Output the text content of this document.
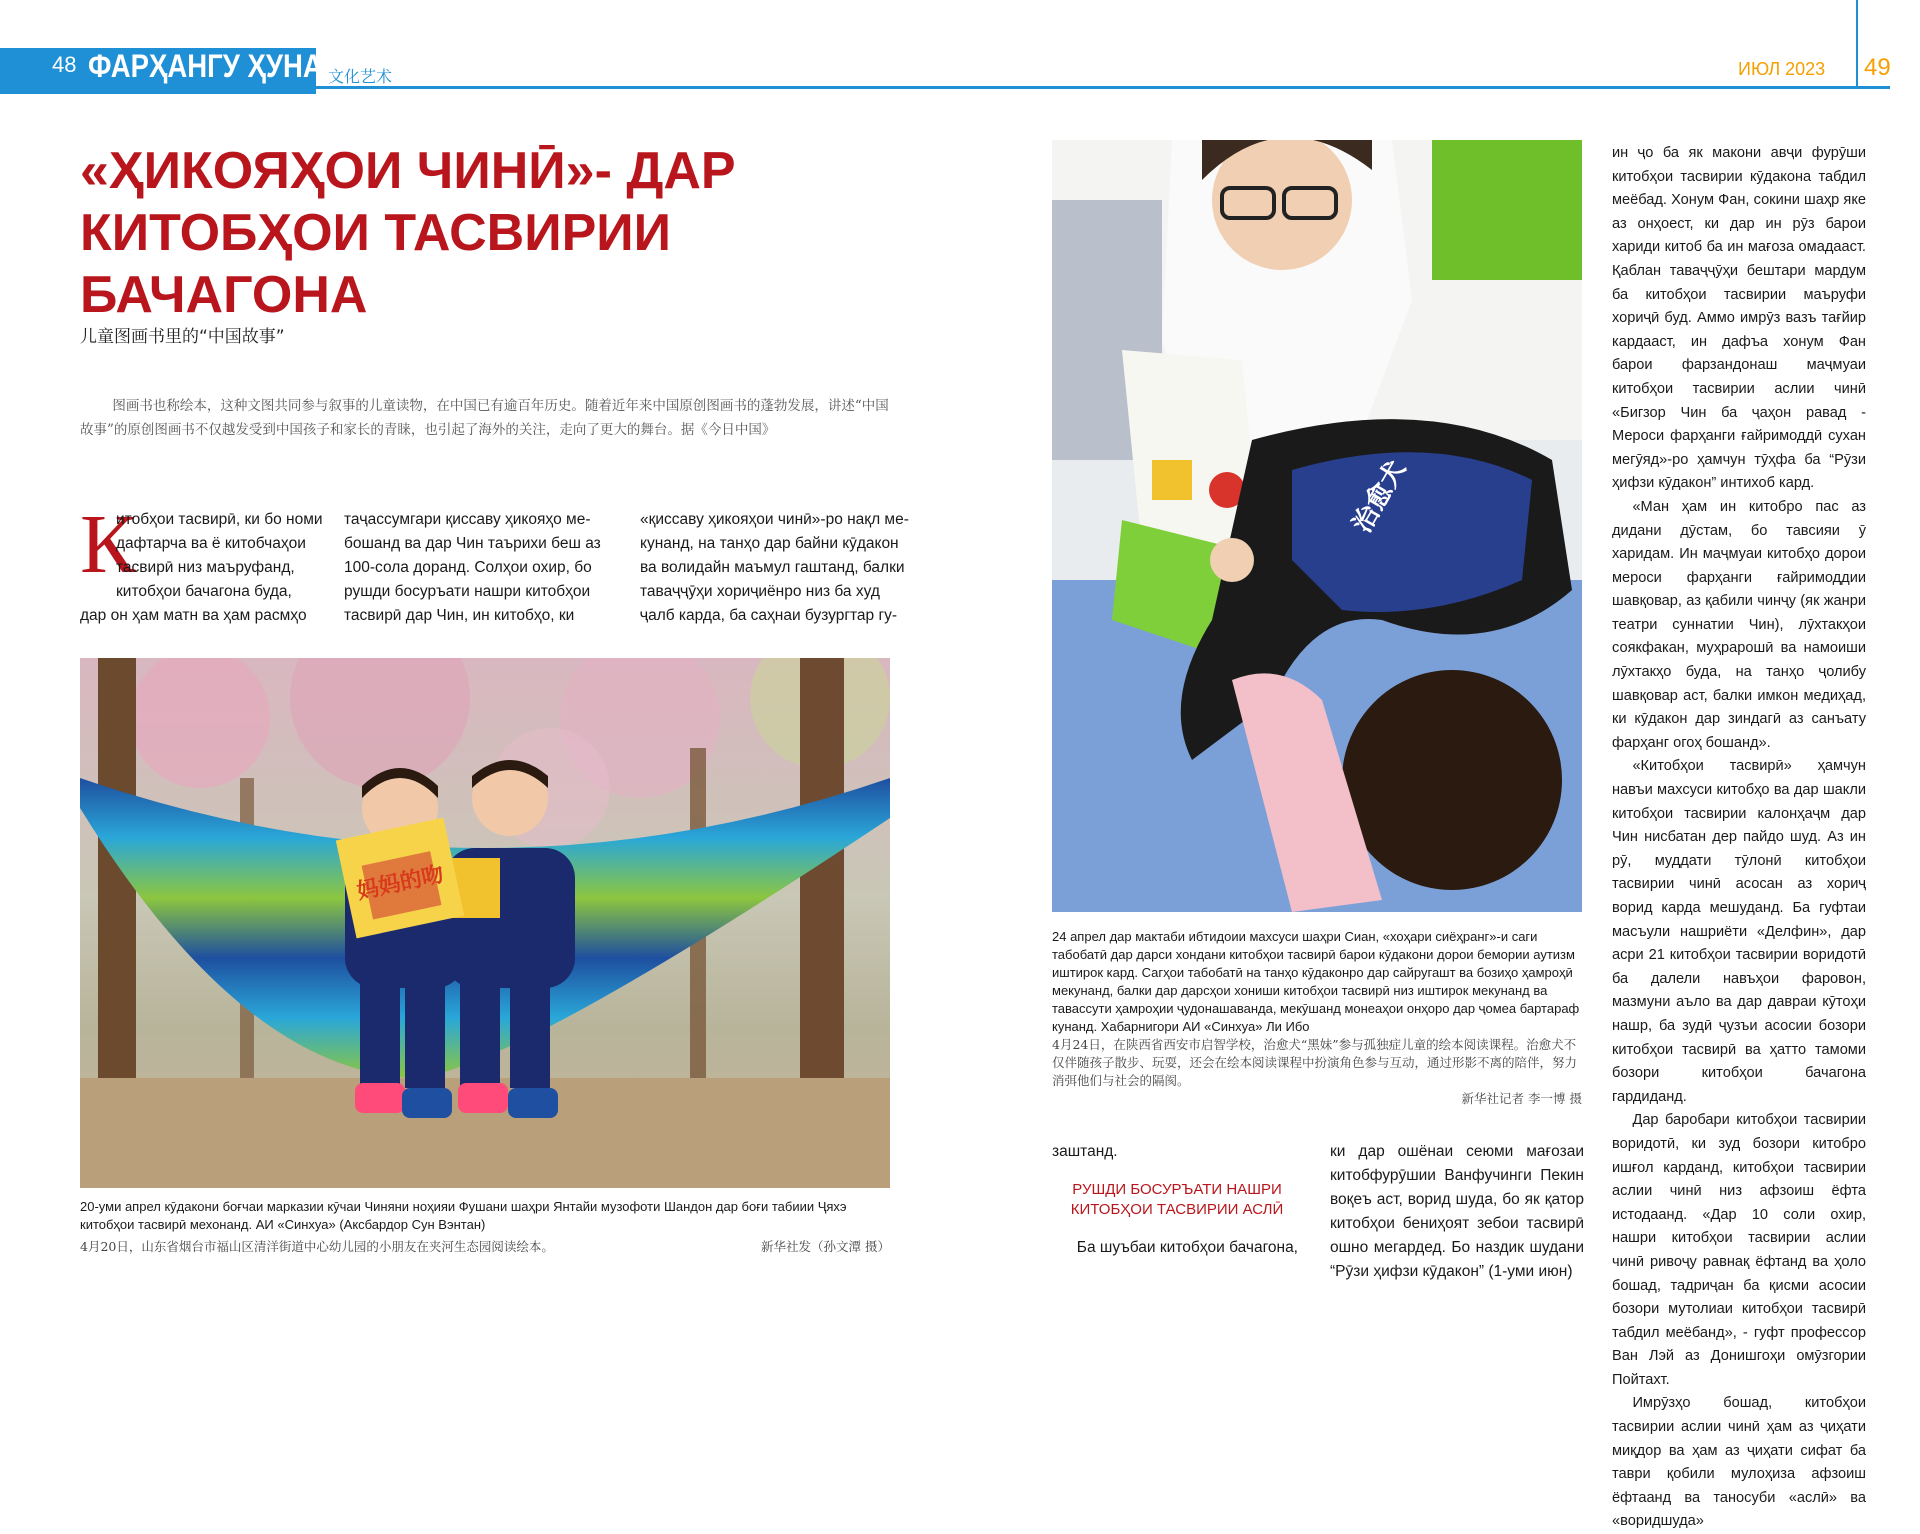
48 ФАРҲАНГУ ҲУНАР
文化艺术	ИЮЛ 2023 49
«ҲИКОЯҲОИ ЧИНӢ»- ДАР
КИТОБҲОИ ТАСВИРИИ
БАЧАГОНА
儿童图画书里的“中国故事”
图画书也称绘本，这种文图共同参与叙事的儿童读物，在中国已有逾百年历史。随着近年来中国原创图画书的蓬勃发展，讲述“中国故事”的原创图画书不仅越发受到中国孩子和家长的青睐，也引起了海外的关注，走向了更大的舞台。据《今日中国》
К
итобҳои тасвирӣ, ки бо номи
дафтарча ва ё китобчаҳои
тасвирӣ низ маъруфанд,
китобҳои бачагона буда,
дар он ҳам матн ва ҳам расмҳо
таҷассумгари қиссаву ҳикояҳо ме-
бошанд ва дар Чин таърихи беш аз
100-сола доранд. Солҳои охир, бо
рушди босуръати нашри китобҳои
тасвирӣ дар Чин, ин китобҳо, ки
«қиссаву ҳикояҳои чинӣ»-ро нақл ме-
кунанд, на танҳо дар байни кӯдакон
ва волидайн маъмул гаштанд, балки
таваҷҷӯҳи хориҷиёнро низ ба худ
ҷалб карда, ба саҳнаи бузургтар гу-
妈妈的吻
治愈犬
20-уми апрел кӯдакони боғчаи марказии кӯчаи Чиняни ноҳияи Фушани шаҳри Янтайи музофоти Шандон дар боғи табиии Ҷяхэ китобҳои тасвирӣ мехонанд. АИ «Синхуа» (Аксбардор Сун Вэнтан)
4月20日，山东省烟台市福山区清洋街道中心幼儿园的小朋友在夹河生态园阅读绘本。	新华社发（孙文潭 摄）
24 апрел дар мактаби ибтидоии махсуси шаҳри Сиан, «хоҳари сиёҳранг»-и саги табобатӣ дар дарси хондани китобҳои тасвирӣ барои кӯдакони дорои бемории аутизм иштирок кард. Сагҳои табобатӣ на танҳо кӯдаконро дар сайругашт ва бозиҳо ҳамроҳӣ мекунанд, балки дар дарсҳои хониши китобҳои тасвирӣ низ иштирок мекунанд ва тавассути ҳамроҳии ҷудонашаванда, мекӯшанд монеаҳои онҳоро дар ҷомеа бартараф кунанд. Хабарнигори АИ «Синхуа» Ли Ибо
4月24日，在陕西省西安市启智学校，治愈犬“黑妹”参与孤独症儿童的绘本阅读课程。治愈犬不仅伴随孩子散步、玩耍，还会在绘本阅读课程中扮演角色参与互动，通过形影不离的陪伴，努力消弭他们与社会的隔阂。
新华社记者 李一博 摄

заштанд.

РУШДИ БОСУРЪАТИ НАШРИ
КИТОБҲОИ ТАСВИРИИ АСЛӢ

Ба шуъбаи китобҳои бачагона,

ки дар ошёнаи сеюми мағозаи китобфурӯшии Ванфучинги Пекин воқеъ аст, ворид шуда, бо як қатор китобҳои бениҳоят зебои тасвирӣ ошно мегардед. Бо наздик шудани “Рӯзи ҳифзи кӯдакон” (1-уми июн)

ин ҷо ба як макони авҷи фурӯши китобҳои тасвирии кӯдакона табдил меёбад. Хонум Фан, сокини шаҳр яке аз онҳоест, ки дар ин рӯз барои хариди китоб ба ин мағоза омадааст. Қаблан таваҷҷӯҳи бештари мардум ба китобҳои тасвирии маъруфи хориҷӣ буд. Аммо имрӯз вазъ тағйир кардааст, ин дафъа хонум Фан барои фарзандонаш маҷмуаи китобҳои тасвирии аслии чинӣ «Бигзор Чин ба ҷаҳон равад - Мероси фарҳанги ғайримоддӣ сухан мегӯяд»-ро ҳамчун тӯҳфа ба “Рӯзи ҳифзи кӯдакон” интихоб кард.

«Ман ҳам ин китобро пас аз дидани дӯстам, бо тавсияи ӯ харидам. Ин маҷмуаи китобҳо дорои мероси фарҳанги ғайримоддии шавқовар, аз қабили чинҷу (як жанри театри суннатии Чин), лӯхтакҳои соякфакан, муҳрарошӣ ва намоиши лӯхтакҳо буда, на танҳо ҷолибу шавқовар аст, балки имкон медиҳад, ки кӯдакон дар зиндагӣ аз санъату фарҳанг огоҳ бошанд».

«Китобҳои тасвирӣ» ҳамчун навъи махсуси китобҳо ва дар шакли китобҳои тасвирии калонҳаҷм дар Чин нисбатан дер пайдо шуд. Аз ин рӯ, муддати тӯлонӣ китобҳои тасвирии чинӣ асосан аз хориҷ ворид карда мешуданд. Ба гуфтаи масъули нашриёти «Делфин», дар асри 21 китобҳои тасвирии воридотӣ ба далели навъҳои фаровон, мазмуни аъло ва дар давраи кӯтоҳи нашр, ба зудӣ ҷузъи асосии бозори китобҳои тасвирӣ ва ҳатто тамоми бозори китобҳои бачагона гардиданд.

Дар баробари китобҳои тасвирии воридотӣ, ки зуд бозори китобро ишғол карданд, китобҳои тасвирии аслии чинӣ низ афзоиш ёфта истодаанд. «Дар 10 соли охир, нашри китобҳои тасвирии аслии чинӣ ривоҷу равнақ ёфтанд ва ҳоло бошад, тадриҷан ба қисми асосии бозори мутолиаи китобҳои тасвирӣ табдил меёбанд», - гуфт профессор Ван Лэй аз Донишгоҳи омӯзгории Пойтахт.

Имрӯзҳо бошад, китобҳои тасвирии аслии чинӣ ҳам аз ҷиҳати миқдор ва ҳам аз ҷиҳати сифат ба таври қобили мулоҳиза афзоиш ёфтаанд ва таносуби «аслӣ» ва «воридшуда»
